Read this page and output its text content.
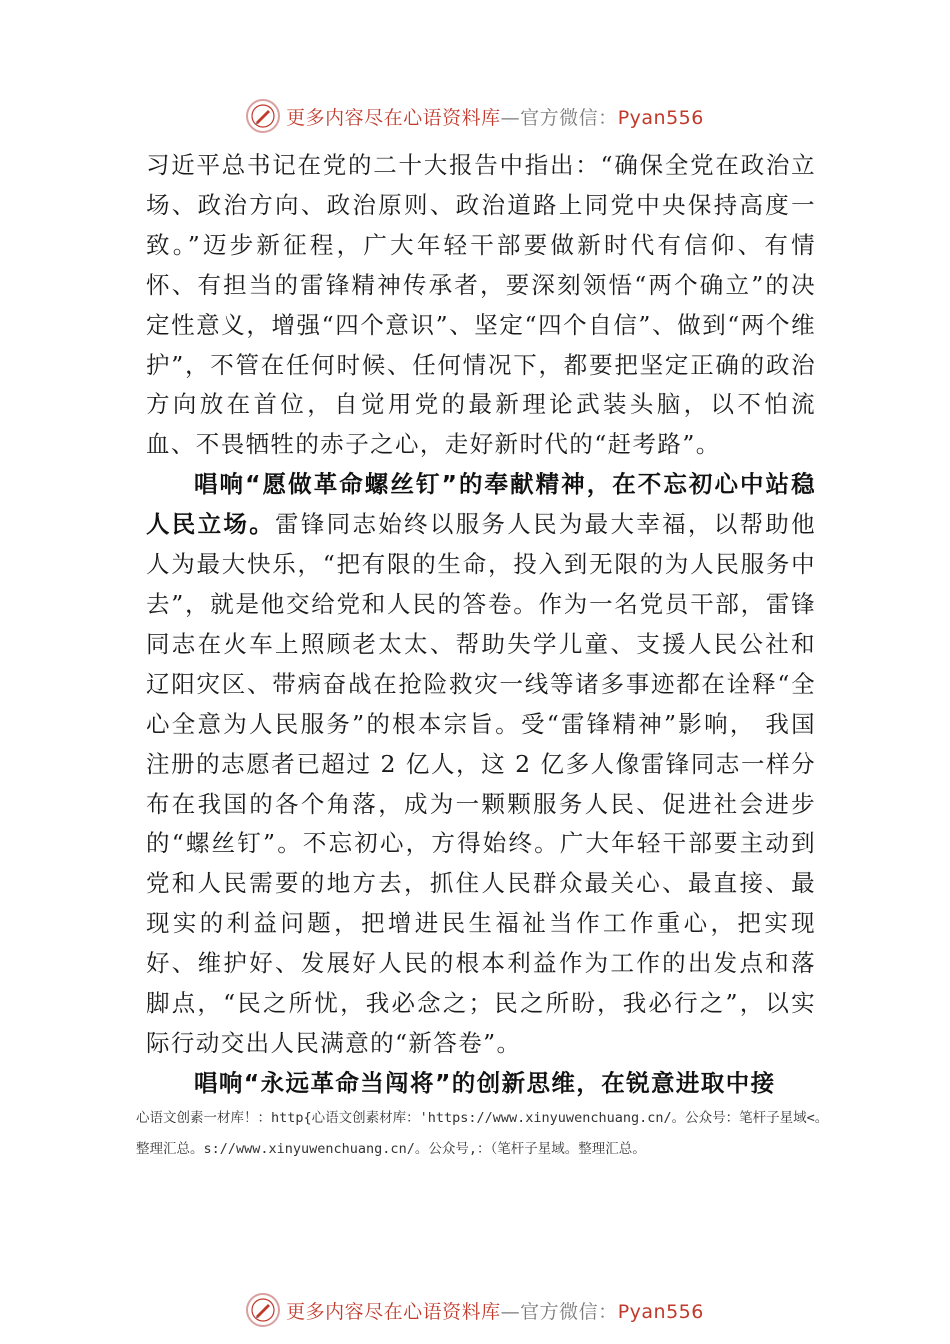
更多内容尽在心语资料库—官方微信：Pyan556

习近平总书记在党的二十大报告中指出：“确保全党在政治立场、政治方向、政治原则、政治道路上同党中央保持高度一致。”迈步新征程，广大年轻干部要做新时代有信仰、有情怀、有担当的雷锋精神传承者，要深刻领悟“两个确立”的决定性意义，增强“四个意识”、坚定“四个自信”、做到“两个维护”，不管在任何时候、任何情况下，都要把坚定正确的政治方向放在首位，自觉用党的最新理论武装头脑，以不怕流血、不畏牺牲的赤子之心，走好新时代的“赶考路”。

唱响“愿做革命螺丝钉”的奉献精神，在不忘初心中站稳人民立场。雷锋同志始终以服务人民为最大幸福，以帮助他人为最大快乐，“把有限的生命，投入到无限的为人民服务中去”，就是他交给党和人民的答卷。作为一名党员干部，雷锋同志在火车上照顾老太太、帮助失学儿童、支援人民公社和辽阳灾区、带病奋战在抢险救灾一线等诸多事迹都在诠释“全心全意为人民服务”的根本宗旨。受“雷锋精神”影响， 我国注册的志愿者已超过 2 亿人，这 2 亿多人像雷锋同志一样分布在我国的各个角落，成为一颗颗服务人民、促进社会进步的“螺丝钉”。不忘初心，方得始终。广大年轻干部要主动到党和人民需要的地方去，抓住人民群众最关心、最直接、最现实的利益问题，把增进民生福祉当作工作重心，把实现好、维护好、发展好人民的根本利益作为工作的出发点和落脚点，“民之所忧，我必念之；民之所盼，我必行之”，以实际行动交出人民满意的“新答卷”。

唱响“永远革命当闯将”的创新思维，在锐意进取中接

心语文创素一材库！：http{心语文创素材库：'https://www.xinyuwenchuang.cn/。公众号：笔杆子星域<。整理汇总。s://www.xinyuwenchuang.cn/。公众号,：（笔杆子星域。整理汇总。
更多内容尽在心语资料库—官方微信：Pyan556
